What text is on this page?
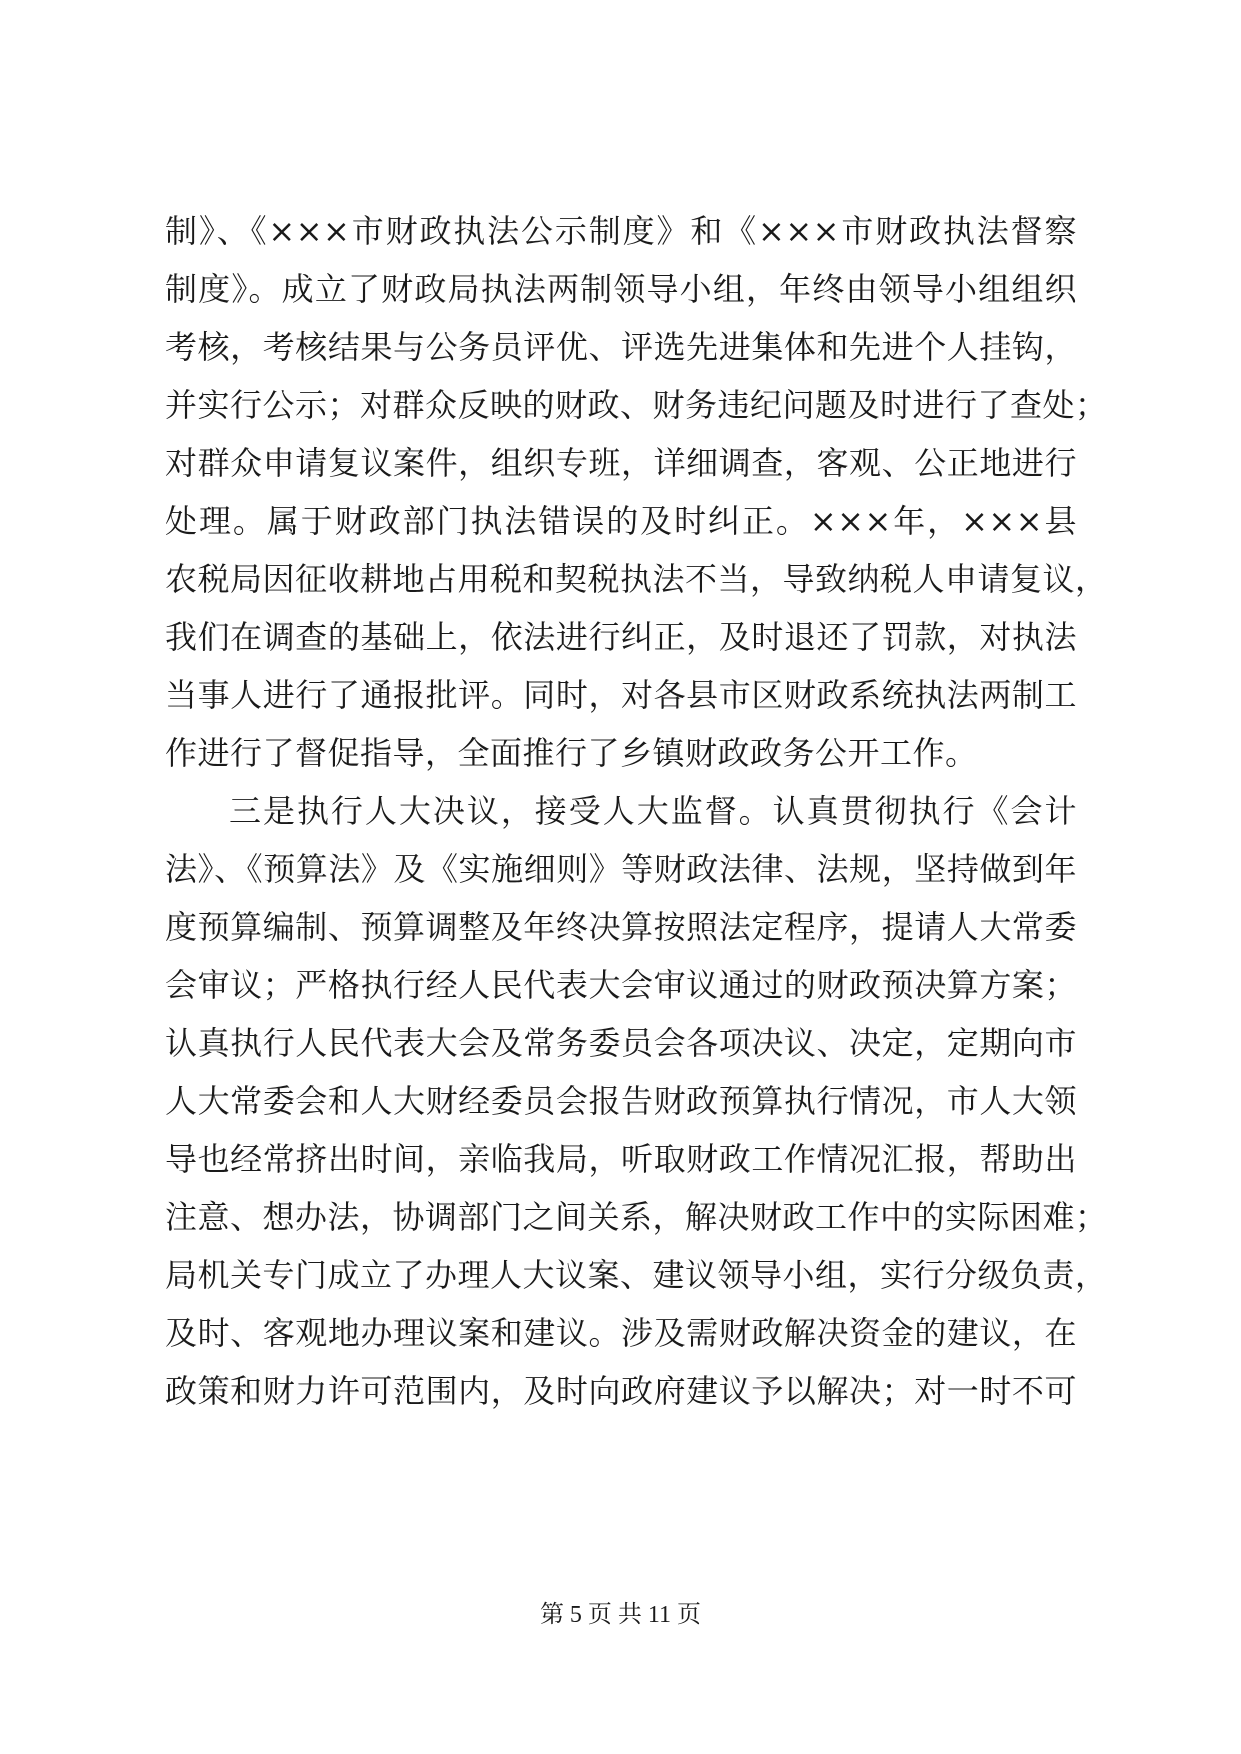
制》、《×××市财政执法公示制度》和《×××市财政执法督察
制度》。成立了财政局执法两制领导小组，年终由领导小组组织
考核，考核结果与公务员评优、评选先进集体和先进个人挂钩，
并实行公示；对群众反映的财政、财务违纪问题及时进行了查处；
对群众申请复议案件，组织专班，详细调查，客观、公正地进行
处理。属于财政部门执法错误的及时纠正。×××年，×××县
农税局因征收耕地占用税和契税执法不当，导致纳税人申请复议，
我们在调查的基础上，依法进行纠正，及时退还了罚款，对执法
当事人进行了通报批评。同时，对各县市区财政系统执法两制工
作进行了督促指导，全面推行了乡镇财政政务公开工作。
三是执行人大决议，接受人大监督。认真贯彻执行《会计
法》、《预算法》及《实施细则》等财政法律、法规，坚持做到年
度预算编制、预算调整及年终决算按照法定程序，提请人大常委
会审议；严格执行经人民代表大会审议通过的财政预决算方案；
认真执行人民代表大会及常务委员会各项决议、决定，定期向市
人大常委会和人大财经委员会报告财政预算执行情况，市人大领
导也经常挤出时间，亲临我局，听取财政工作情况汇报，帮助出
注意、想办法，协调部门之间关系，解决财政工作中的实际困难；
局机关专门成立了办理人大议案、建议领导小组，实行分级负责，
及时、客观地办理议案和建议。涉及需财政解决资金的建议，在
政策和财力许可范围内，及时向政府建议予以解决；对一时不可
第 5 页 共 11 页
